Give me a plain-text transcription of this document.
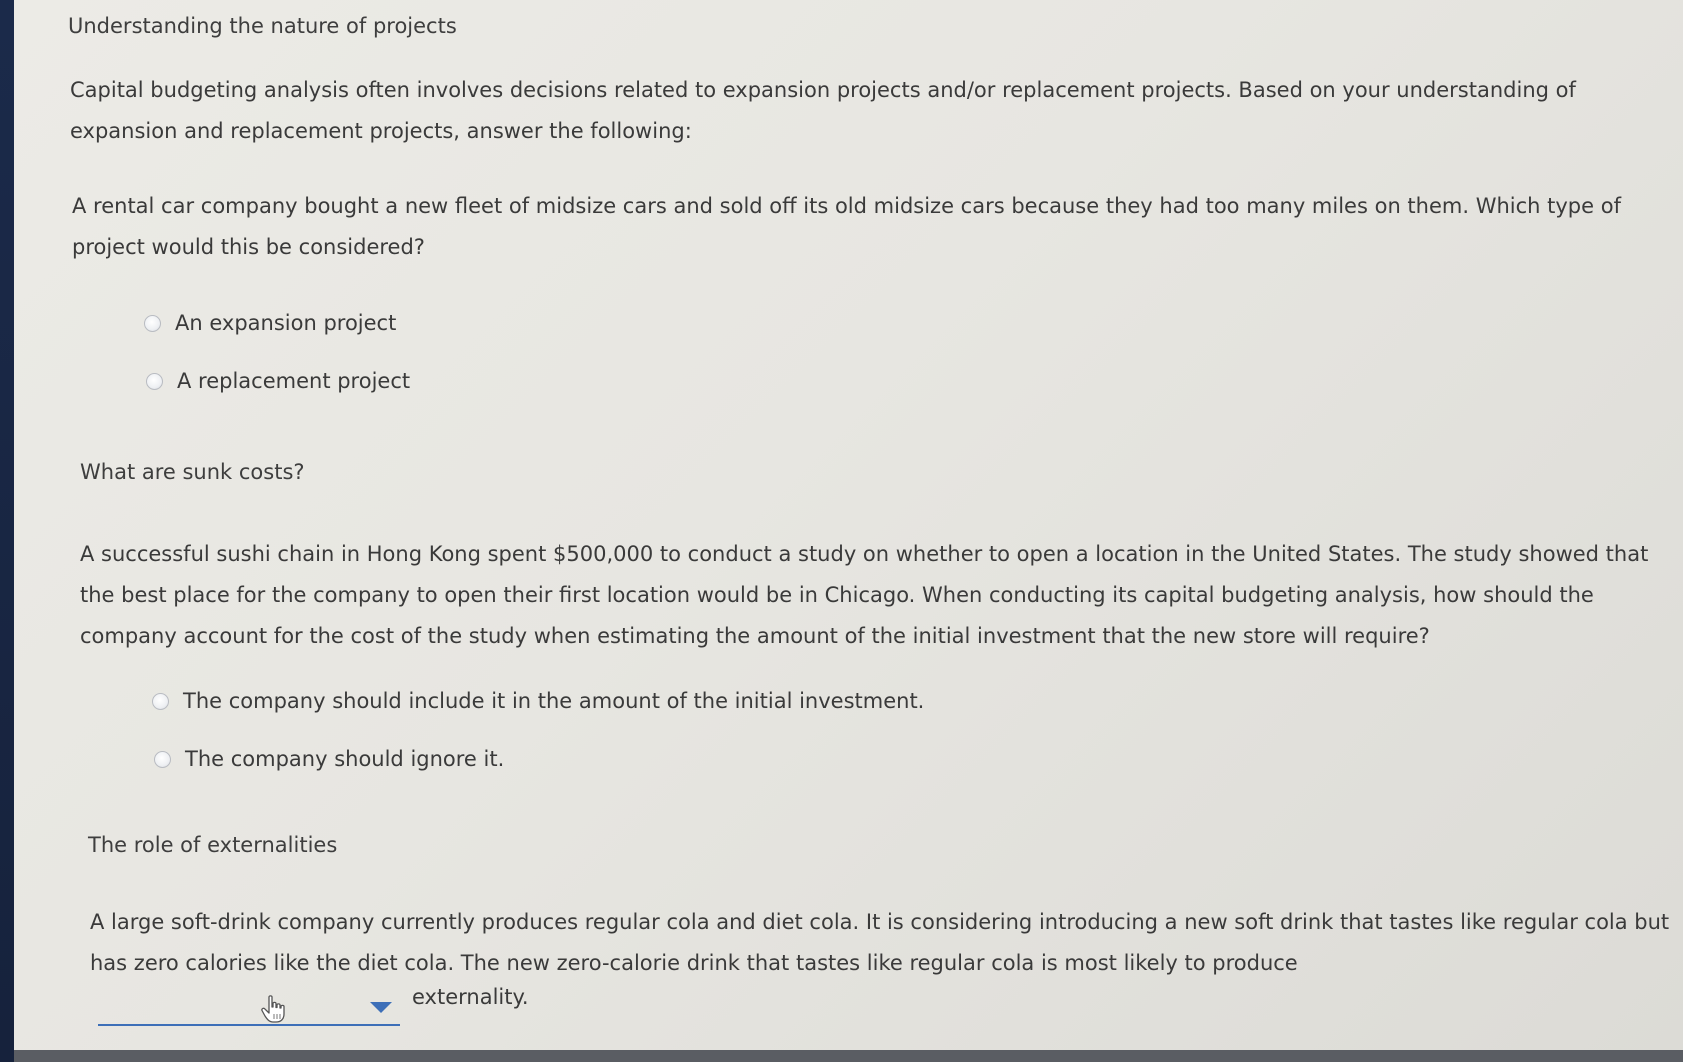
Understanding the nature of projects

Capital budgeting analysis often involves decisions related to expansion projects and/or replacement projects. Based on your understanding of
expansion and replacement projects, answer the following:

A rental car company bought a new fleet of midsize cars and sold off its old midsize cars because they had too many miles on them. Which type of
project would this be considered?

An expansion project
A replacement project
What are sunk costs?

A successful sushi chain in Hong Kong spent $500,000 to conduct a study on whether to open a location in the United States. The study showed that
the best place for the company to open their first location would be in Chicago. When conducting its capital budgeting analysis, how should the
company account for the cost of the study when estimating the amount of the initial investment that the new store will require?

The company should include it in the amount of the initial investment.
The company should ignore it.
The role of externalities

A large soft-drink company currently produces regular cola and diet cola. It is considering introducing a new soft drink that tastes like regular cola but
has zero calories like the diet cola. The new zero-calorie drink that tastes like regular cola is most likely to produce

externality.
